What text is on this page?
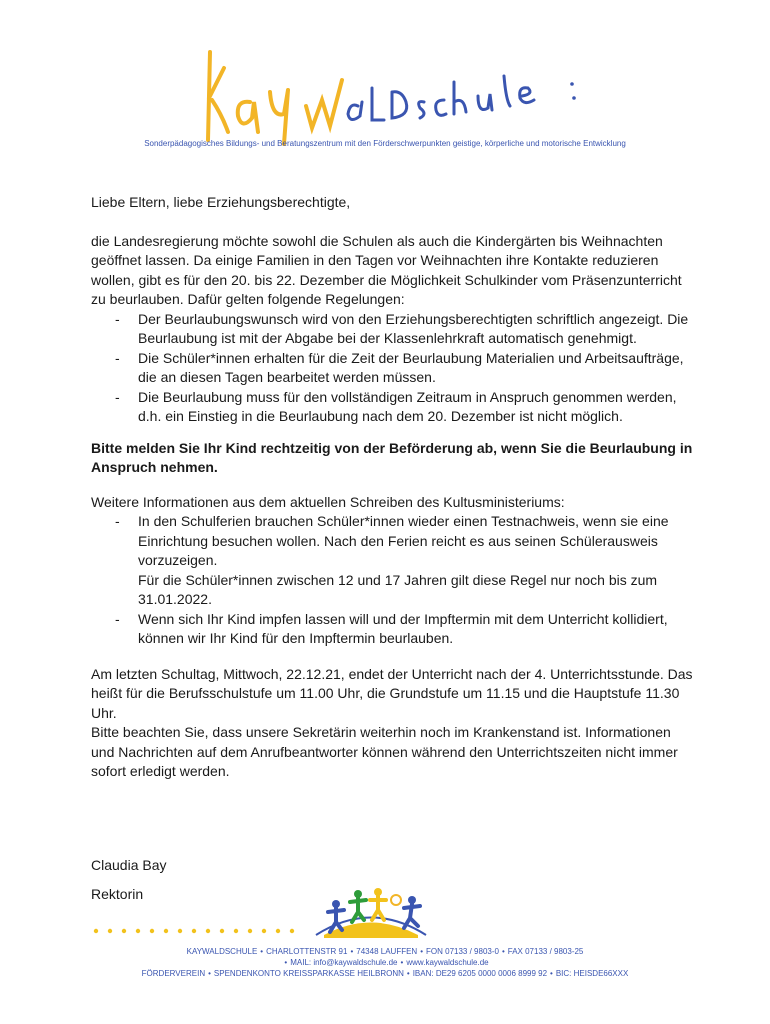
Sonderpädagogisches Bildungs- und Beratungszentrum mit den Förderschwerpunkten geistige, körperliche und motorische Entwicklung

Liebe Eltern, liebe Erziehungsberechtigte,

die Landesregierung möchte sowohl die Schulen als auch die Kindergärten bis Weihnachten geöffnet lassen. Da einige Familien in den Tagen vor Weihnachten ihre Kontakte reduzieren wollen, gibt es für den 20. bis 22. Dezember die Möglichkeit Schulkinder vom Präsenzunterricht zu beurlauben. Dafür gelten folgende Regelungen:

- Der Beurlaubungswunsch wird von den Erziehungsberechtigten schriftlich angezeigt. Die Beurlaubung ist mit der Abgabe bei der Klassenlehrkraft automatisch genehmigt.
- Die Schüler*innen erhalten für die Zeit der Beurlaubung Materialien und Arbeitsaufträge, die an diesen Tagen bearbeitet werden müssen.
- Die Beurlaubung muss für den vollständigen Zeitraum in Anspruch genommen werden, d.h. ein Einstieg in die Beurlaubung nach dem 20. Dezember ist nicht möglich.

Bitte melden Sie Ihr Kind rechtzeitig von der Beförderung ab, wenn Sie die Beurlaubung in Anspruch nehmen.

Weitere Informationen aus dem aktuellen Schreiben des Kultusministeriums:

- In den Schulferien brauchen Schüler*innen wieder einen Testnachweis, wenn sie eine Einrichtung besuchen wollen. Nach den Ferien reicht es aus seinen Schülerausweis vorzuzeigen.
Für die Schüler*innen zwischen 12 und 17 Jahren gilt diese Regel nur noch bis zum 31.01.2022.
- Wenn sich Ihr Kind impfen lassen will und der Impftermin mit dem Unterricht kollidiert, können wir Ihr Kind für den Impftermin beurlauben.

Am letzten Schultag, Mittwoch, 22.12.21, endet der Unterricht nach der 4. Unterrichtsstunde. Das heißt für die Berufsschulstufe um 11.00 Uhr, die Grundstufe um 11.15 und die Hauptstufe 11.30 Uhr.

Bitte beachten Sie, dass unsere Sekretärin weiterhin noch im Krankenstand ist. Informationen und Nachrichten auf dem Anrufbeantworter können während den Unterrichtszeiten nicht immer sofort erledigt werden.

Claudia Bay
Rektorin
KAYWALDSCHULE • CHARLOTTENSTR 91 • 74348 LAUFFEN • FON 07133 / 9803-0 • FAX 07133 / 9803-25
• MAIL: info@kaywaldschule.de • www.kaywaldschule.de
FÖRDERVEREIN • SPENDENKONTO KREISSPARKASSE HEILBRONN • IBAN: DE29 6205 0000 0006 8999 92 • BIC: HEISDE66XXX
